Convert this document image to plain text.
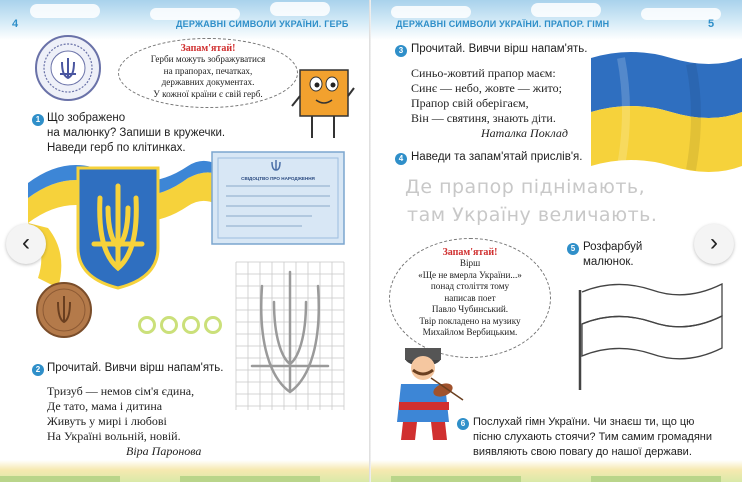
4	ДЕРЖАВНІ СИМВОЛИ УКРАЇНИ. ГЕРБ
Запам'ятай!
Герби можуть зображуватися
на прапорах, печатках,
державних документах.
У кожної країни є свій герб.
1 Що зображено
на малюнку? Запиши в кружечки.
Наведи герб по клітинках.
СВІДОЦТВО ПРО НАРОДЖЕННЯ
2 Прочитай. Вивчи вірш напам'ять.
Тризуб — немов сім'я єдина,
Де тато, мама і дитина
Живуть у мирі і любові
На Україні вольній, новій.
Віра Паронова
ДЕРЖАВНІ СИМВОЛИ УКРАЇНИ. ПРАПОР. ГІМН	5
3 Прочитай. Вивчи вірш напам'ять.
Синьо-жовтий прапор маєм:
Синє — небо, жовте — жито;
Прапор свій оберігаєм,
Він — святиня, знають діти.
Наталка Поклад
4 Наведи та запам'ятай прислів'я.
Де прапор піднімають,
там Україну величають.
Запам'ятай!
Вірш
«Ще не вмерла України...»
понад століття тому
написав поет
Павло Чубинський.
Твір покладено на музику
Михайлом Вербицьким.
5 Розфарбуй
малюнок.
6 Послухай гімн України. Чи знаєш ти, що цю
пісню слухають стоячи? Тим самим громадяни
виявляють свою повагу до нашої держави.
‹	›
